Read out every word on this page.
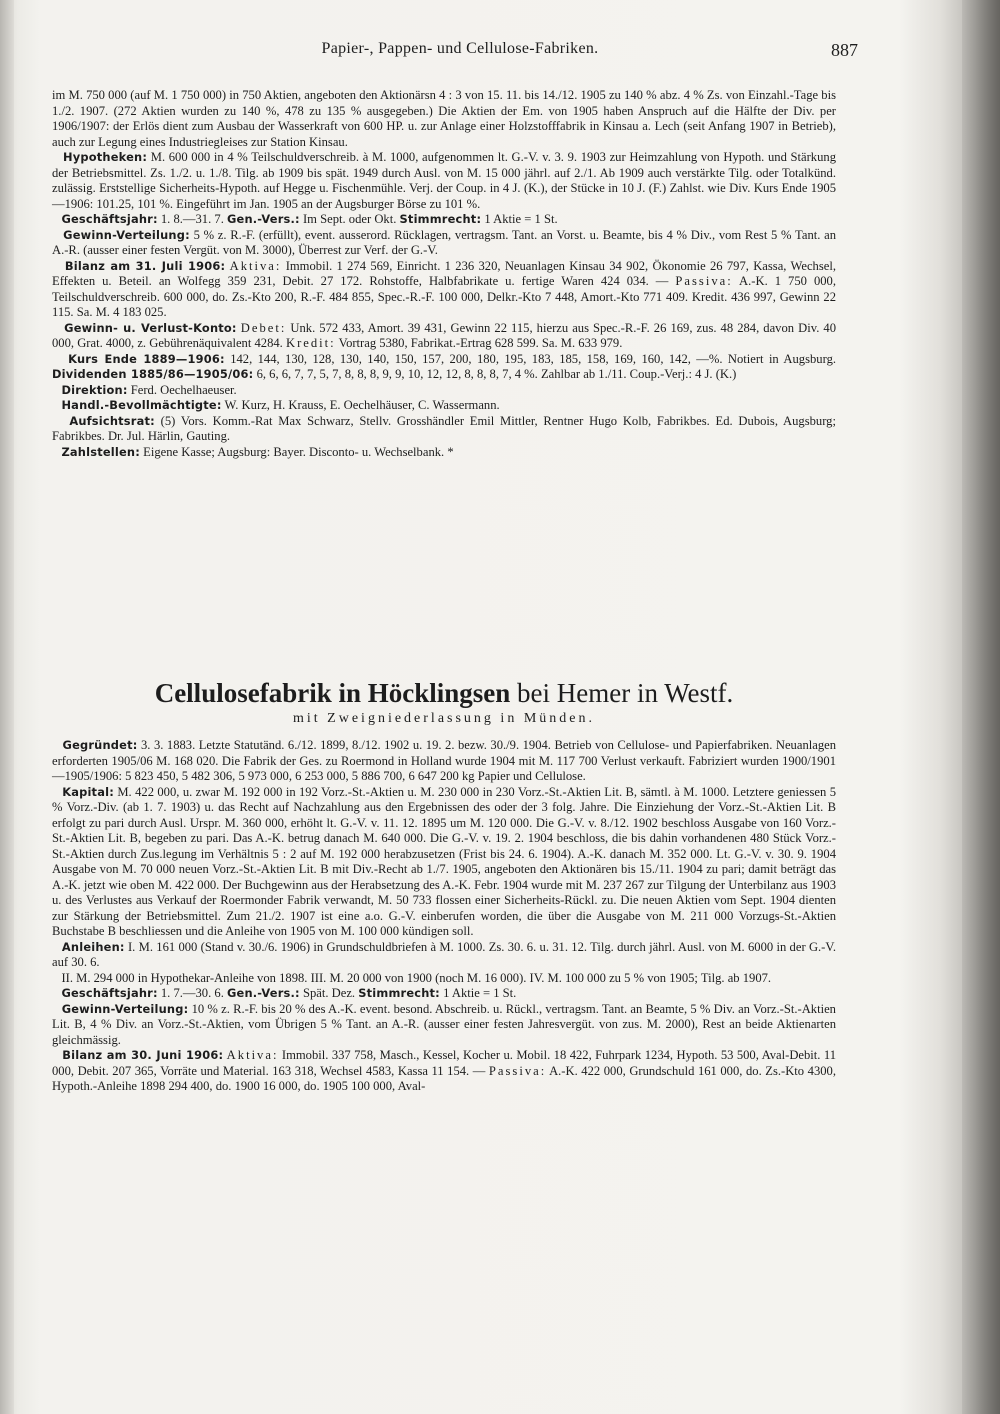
Papier-, Pappen- und Cellulose-Fabriken.	887

im M. 750 000 (auf M. 1 750 000) in 750 Aktien, angeboten den Aktionärsn 4 : 3 von 15. 11. bis 14./12. 1905 zu 140 % abz. 4 % Zs. von Einzahl.-Tage bis 1./2. 1907. (272 Aktien wurden zu 140 %, 478 zu 135 % ausgegeben.) Die Aktien der Em. von 1905 haben Anspruch auf die Hälfte der Div. per 1906/1907: der Erlös dient zum Ausbau der Wasserkraft von 600 HP. u. zur Anlage einer Holzstofffabrik in Kinsau a. Lech (seit Anfang 1907 in Betrieb), auch zur Legung eines Industriegleises zur Station Kinsau.

Hypotheken: M. 600 000 in 4 % Teilschuldverschreib. à M. 1000, aufgenommen lt. G.-V. v. 3. 9. 1903 zur Heimzahlung von Hypoth. und Stärkung der Betriebsmittel. Zs. 1./2. u. 1./8. Tilg. ab 1909 bis spät. 1949 durch Ausl. von M. 15 000 jährl. auf 2./1. Ab 1909 auch verstärkte Tilg. oder Totalkünd. zulässig. Erststellige Sicherheits-Hypoth. auf Hegge u. Fischenmühle. Verj. der Coup. in 4 J. (K.), der Stücke in 10 J. (F.) Zahlst. wie Div. Kurs Ende 1905—1906: 101.25, 101 %. Eingeführt im Jan. 1905 an der Augsburger Börse zu 101 %.

Geschäftsjahr: 1. 8.—31. 7. Gen.-Vers.: Im Sept. oder Okt. Stimmrecht: 1 Aktie = 1 St.

Gewinn-Verteilung: 5 % z. R.-F. (erfüllt), event. ausserord. Rücklagen, vertragsm. Tant. an Vorst. u. Beamte, bis 4 % Div., vom Rest 5 % Tant. an A.-R. (ausser einer festen Vergüt. von M. 3000), Überrest zur Verf. der G.-V.

Bilanz am 31. Juli 1906: Aktiva: Immobil. 1 274 569, Einricht. 1 236 320, Neuanlagen Kinsau 34 902, Ökonomie 26 797, Kassa, Wechsel, Effekten u. Beteil. an Wolfegg 359 231, Debit. 27 172. Rohstoffe, Halbfabrikate u. fertige Waren 424 034. — Passiva: A.-K. 1 750 000, Teilschuldverschreib. 600 000, do. Zs.-Kto 200, R.-F. 484 855, Spec.-R.-F. 100 000, Delkr.-Kto 7 448, Amort.-Kto 771 409. Kredit. 436 997, Gewinn 22 115. Sa. M. 4 183 025.

Gewinn- u. Verlust-Konto: Debet: Unk. 572 433, Amort. 39 431, Gewinn 22 115, hierzu aus Spec.-R.-F. 26 169, zus. 48 284, davon Div. 40 000, Grat. 4000, z. Gebührenäquivalent 4284. Kredit: Vortrag 5380, Fabrikat.-Ertrag 628 599. Sa. M. 633 979.

Kurs Ende 1889—1906: 142, 144, 130, 128, 130, 140, 150, 157, 200, 180, 195, 183, 185, 158, 169, 160, 142, —%. Notiert in Augsburg. Dividenden 1885/86—1905/06: 6, 6, 6, 7, 7, 5, 7, 8, 8, 8, 9, 9, 10, 12, 12, 8, 8, 8, 7, 4 %. Zahlbar ab 1./11. Coup.-Verj.: 4 J. (K.)

Direktion: Ferd. Oechelhaeuser.

Handl.-Bevollmächtigte: W. Kurz, H. Krauss, E. Oechelhäuser, C. Wassermann.

Aufsichtsrat: (5) Vors. Komm.-Rat Max Schwarz, Stellv. Grosshändler Emil Mittler, Rentner Hugo Kolb, Fabrikbes. Ed. Dubois, Augsburg; Fabrikbes. Dr. Jul. Härlin, Gauting.

Zahlstellen: Eigene Kasse; Augsburg: Bayer. Disconto- u. Wechselbank. *

Cellulosefabrik in Höcklingsen bei Hemer in Westf.
mit Zweigniederlassung in Münden.

Gegründet: 3. 3. 1883. Letzte Statutänd. 6./12. 1899, 8./12. 1902 u. 19. 2. bezw. 30./9. 1904. Betrieb von Cellulose- und Papierfabriken. Neuanlagen erforderten 1905/06 M. 168 020. Die Fabrik der Ges. zu Roermond in Holland wurde 1904 mit M. 117 700 Verlust verkauft. Fabriziert wurden 1900/1901—1905/1906: 5 823 450, 5 482 306, 5 973 000, 6 253 000, 5 886 700, 6 647 200 kg Papier und Cellulose.

Kapital: M. 422 000, u. zwar M. 192 000 in 192 Vorz.-St.-Aktien u. M. 230 000 in 230 Vorz.-St.-Aktien Lit. B, sämtl. à M. 1000. Letztere geniessen 5 % Vorz.-Div. (ab 1. 7. 1903) u. das Recht auf Nachzahlung aus den Ergebnissen des oder der 3 folg. Jahre. Die Einziehung der Vorz.-St.-Aktien Lit. B erfolgt zu pari durch Ausl. Urspr. M. 360 000, erhöht lt. G.-V. v. 11. 12. 1895 um M. 120 000. Die G.-V. v. 8./12. 1902 beschloss Ausgabe von 160 Vorz.-St.-Aktien Lit. B, begeben zu pari. Das A.-K. betrug danach M. 640 000. Die G.-V. v. 19. 2. 1904 beschloss, die bis dahin vorhandenen 480 Stück Vorz.-St.-Aktien durch Zus.legung im Verhältnis 5 : 2 auf M. 192 000 herabzusetzen (Frist bis 24. 6. 1904). A.-K. danach M. 352 000. Lt. G.-V. v. 30. 9. 1904 Ausgabe von M. 70 000 neuen Vorz.-St.-Aktien Lit. B mit Div.-Recht ab 1./7. 1905, angeboten den Aktionären bis 15./11. 1904 zu pari; damit beträgt das A.-K. jetzt wie oben M. 422 000. Der Buchgewinn aus der Herabsetzung des A.-K. Febr. 1904 wurde mit M. 237 267 zur Tilgung der Unterbilanz aus 1903 u. des Verlustes aus Verkauf der Roermonder Fabrik verwandt, M. 50 733 flossen einer Sicherheits-Rückl. zu. Die neuen Aktien vom Sept. 1904 dienten zur Stärkung der Betriebsmittel. Zum 21./2. 1907 ist eine a.o. G.-V. einberufen worden, die über die Ausgabe von M. 211 000 Vorzugs-St.-Aktien Buchstabe B beschliessen und die Anleihe von 1905 von M. 100 000 kündigen soll.

Anleihen: I. M. 161 000 (Stand v. 30./6. 1906) in Grundschuldbriefen à M. 1000. Zs. 30. 6. u. 31. 12. Tilg. durch jährl. Ausl. von M. 6000 in der G.-V. auf 30. 6.

II. M. 294 000 in Hypothekar-Anleihe von 1898. III. M. 20 000 von 1900 (noch M. 16 000). IV. M. 100 000 zu 5 % von 1905; Tilg. ab 1907.

Geschäftsjahr: 1. 7.—30. 6. Gen.-Vers.: Spät. Dez. Stimmrecht: 1 Aktie = 1 St.

Gewinn-Verteilung: 10 % z. R.-F. bis 20 % des A.-K. event. besond. Abschreib. u. Rückl., vertragsm. Tant. an Beamte, 5 % Div. an Vorz.-St.-Aktien Lit. B, 4 % Div. an Vorz.-St.-Aktien, vom Übrigen 5 % Tant. an A.-R. (ausser einer festen Jahresvergüt. von zus. M. 2000), Rest an beide Aktienarten gleichmässig.

Bilanz am 30. Juni 1906: Aktiva: Immobil. 337 758, Masch., Kessel, Kocher u. Mobil. 18 422, Fuhrpark 1234, Hypoth. 53 500, Aval-Debit. 11 000, Debit. 207 365, Vorräte und Material. 163 318, Wechsel 4583, Kassa 11 154. — Passiva: A.-K. 422 000, Grundschuld 161 000, do. Zs.-Kto 4300, Hypoth.-Anleihe 1898 294 400, do. 1900 16 000, do. 1905 100 000, Aval-
